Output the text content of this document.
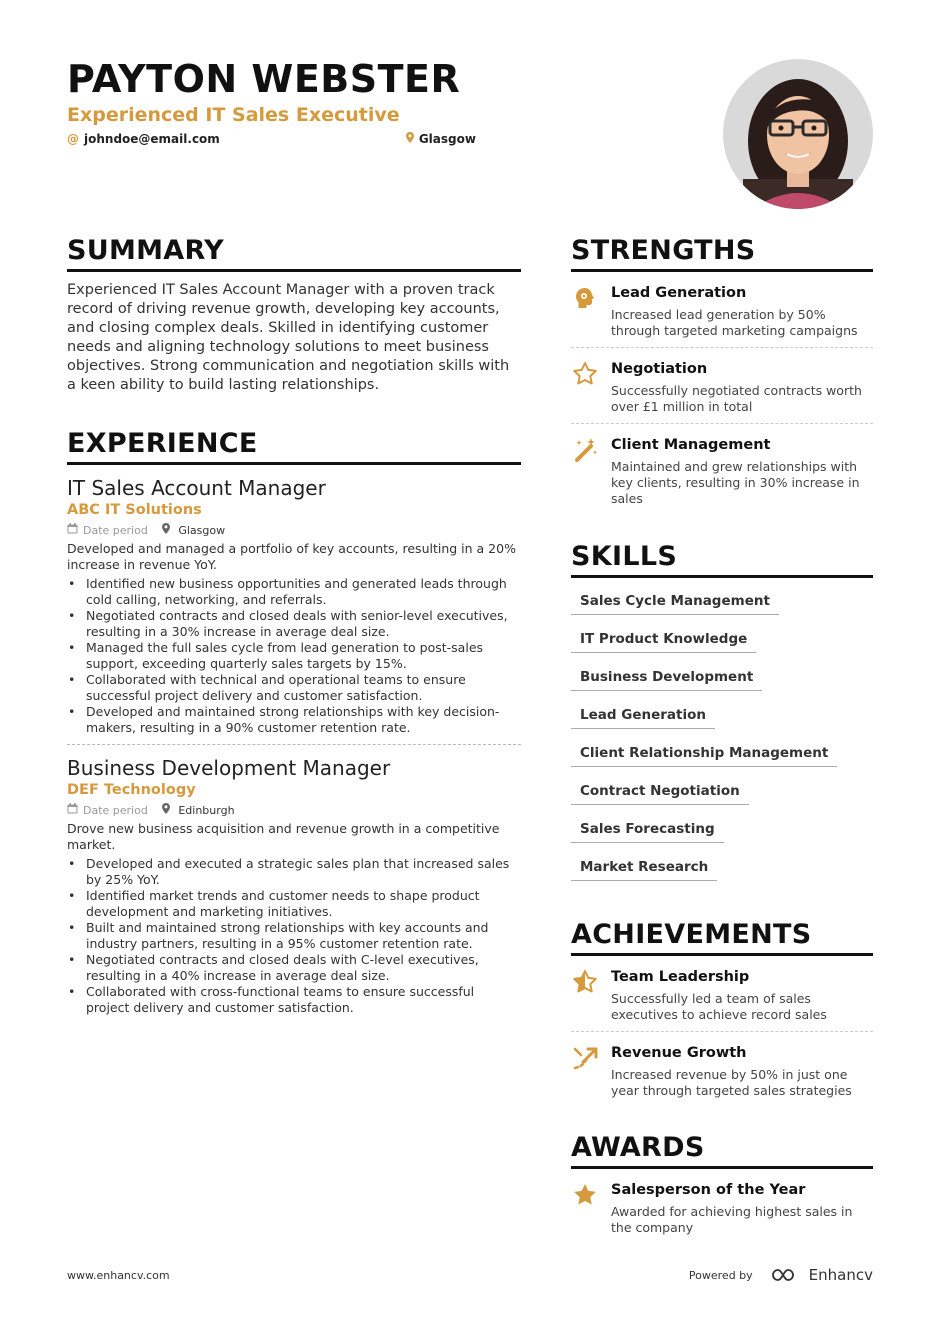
PAYTON WEBSTER
Experienced IT Sales Executive
@ johndoe@email.com	Glasgow
SUMMARY
Experienced IT Sales Account Manager with a proven track record of driving revenue growth, developing key accounts, and closing complex deals. Skilled in identifying customer needs and aligning technology solutions to meet business objectives. Strong communication and negotiation skills with a keen ability to build lasting relationships.
EXPERIENCE
IT Sales Account Manager
ABC IT Solutions
Date period	Glasgow
Developed and managed a portfolio of key accounts, resulting in a 20% increase in revenue YoY.
• Identified new business opportunities and generated leads through cold calling, networking, and referrals.
• Negotiated contracts and closed deals with senior-level executives, resulting in a 30% increase in average deal size.
• Managed the full sales cycle from lead generation to post-sales support, exceeding quarterly sales targets by 15%.
• Collaborated with technical and operational teams to ensure successful project delivery and customer satisfaction.
• Developed and maintained strong relationships with key decision-makers, resulting in a 90% customer retention rate.
Business Development Manager
DEF Technology
Date period	Edinburgh
Drove new business acquisition and revenue growth in a competitive market.
• Developed and executed a strategic sales plan that increased sales by 25% YoY.
• Identified market trends and customer needs to shape product development and marketing initiatives.
• Built and maintained strong relationships with key accounts and industry partners, resulting in a 95% customer retention rate.
• Negotiated contracts and closed deals with C-level executives, resulting in a 40% increase in average deal size.
• Collaborated with cross-functional teams to ensure successful project delivery and customer satisfaction.
STRENGTHS
Lead Generation
Increased lead generation by 50% through targeted marketing campaigns
Negotiation
Successfully negotiated contracts worth over £1 million in total
Client Management
Maintained and grew relationships with key clients, resulting in 30% increase in sales
SKILLS
Sales Cycle Management
IT Product Knowledge
Business Development
Lead Generation
Client Relationship Management
Contract Negotiation
Sales Forecasting
Market Research
ACHIEVEMENTS
Team Leadership
Successfully led a team of sales executives to achieve record sales
Revenue Growth
Increased revenue by 50% in just one year through targeted sales strategies
AWARDS
Salesperson of the Year
Awarded for achieving highest sales in the company
www.enhancv.com	Powered by	Enhancv
